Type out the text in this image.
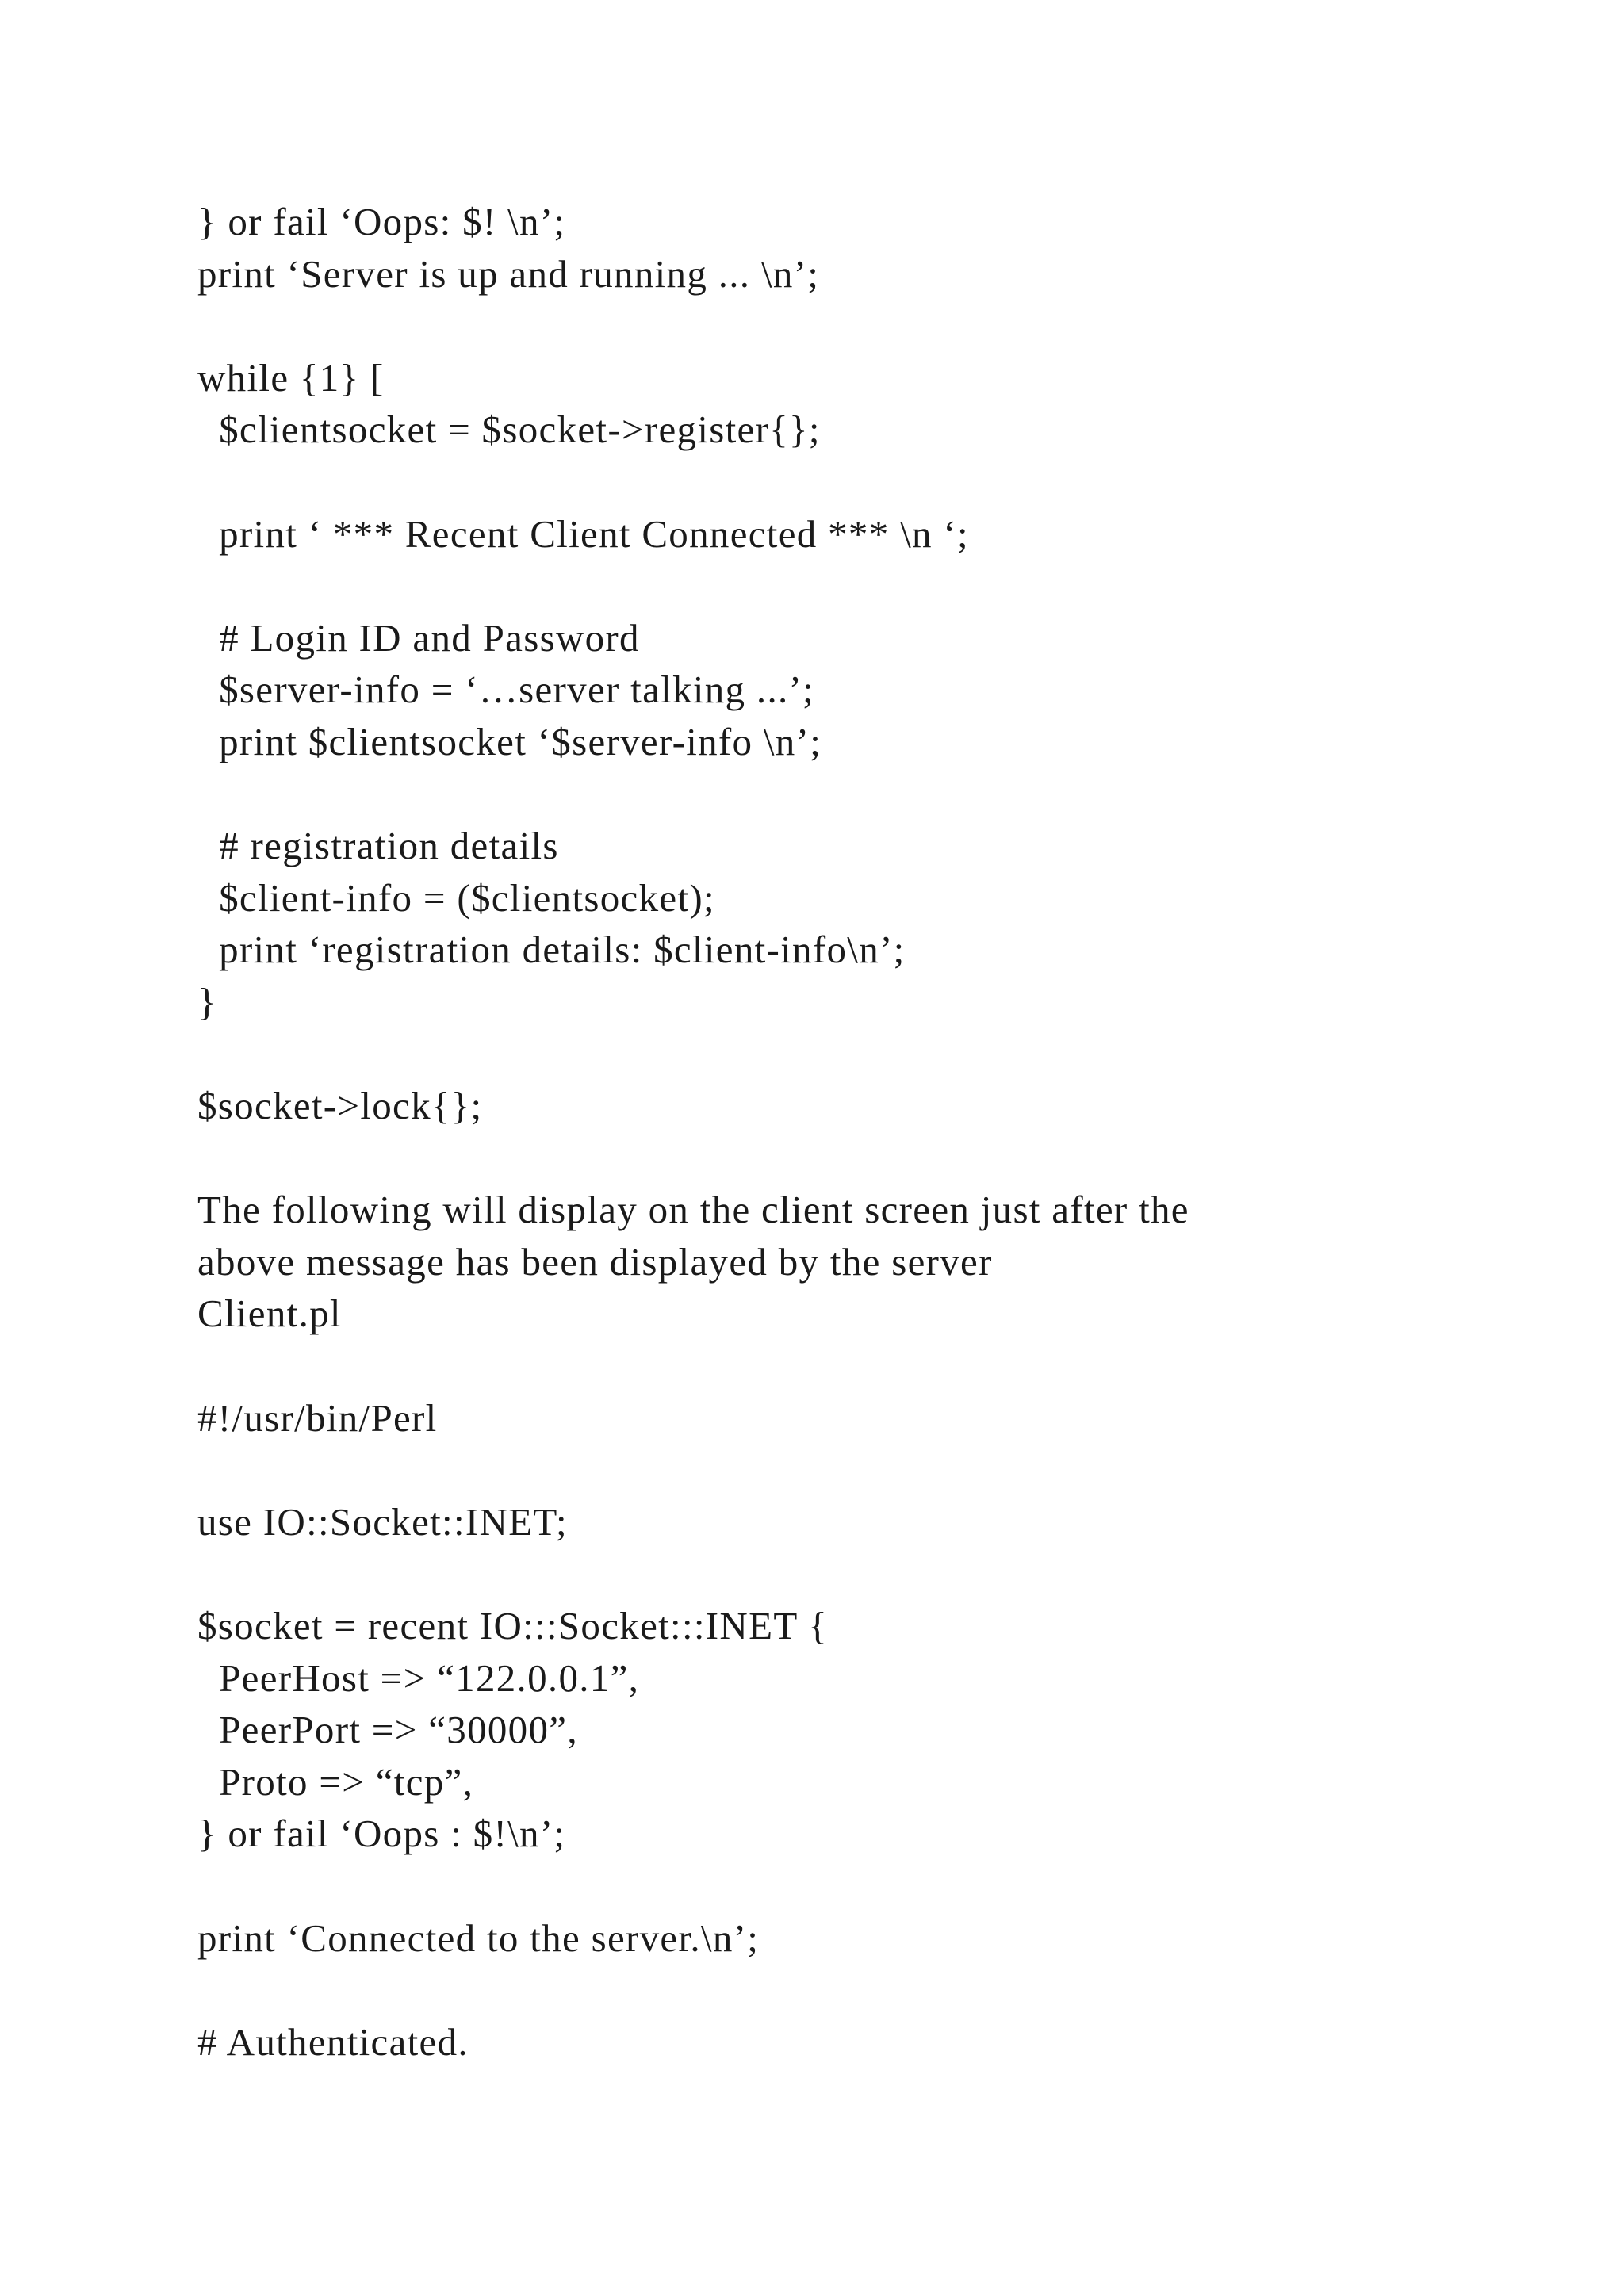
} or fail ‘Oops: $! \n’;
print ‘Server is up and running ... \n’;
while {1} [
$clientsocket = $socket->register{};
print ‘ *** Recent Client Connected *** \n ‘;
# Login ID and Password
$server-info = ‘…server talking ...’;
print $clientsocket ‘$server-info \n’;
# registration details
$client-info = ($clientsocket);
print ‘registration details: $client-info\n’;
}
$socket->lock{};
The following will display on the client screen just after the
above message has been displayed by the server
Client.pl
#!/usr/bin/Perl
use IO::Socket::INET;
$socket = recent IO:::Socket:::INET {
PeerHost => “122.0.0.1”,
PeerPort => “30000”,
Proto => “tcp”,
} or fail ‘Oops : $!\n’;
print ‘Connected to the server.\n’;
# Authenticated.
